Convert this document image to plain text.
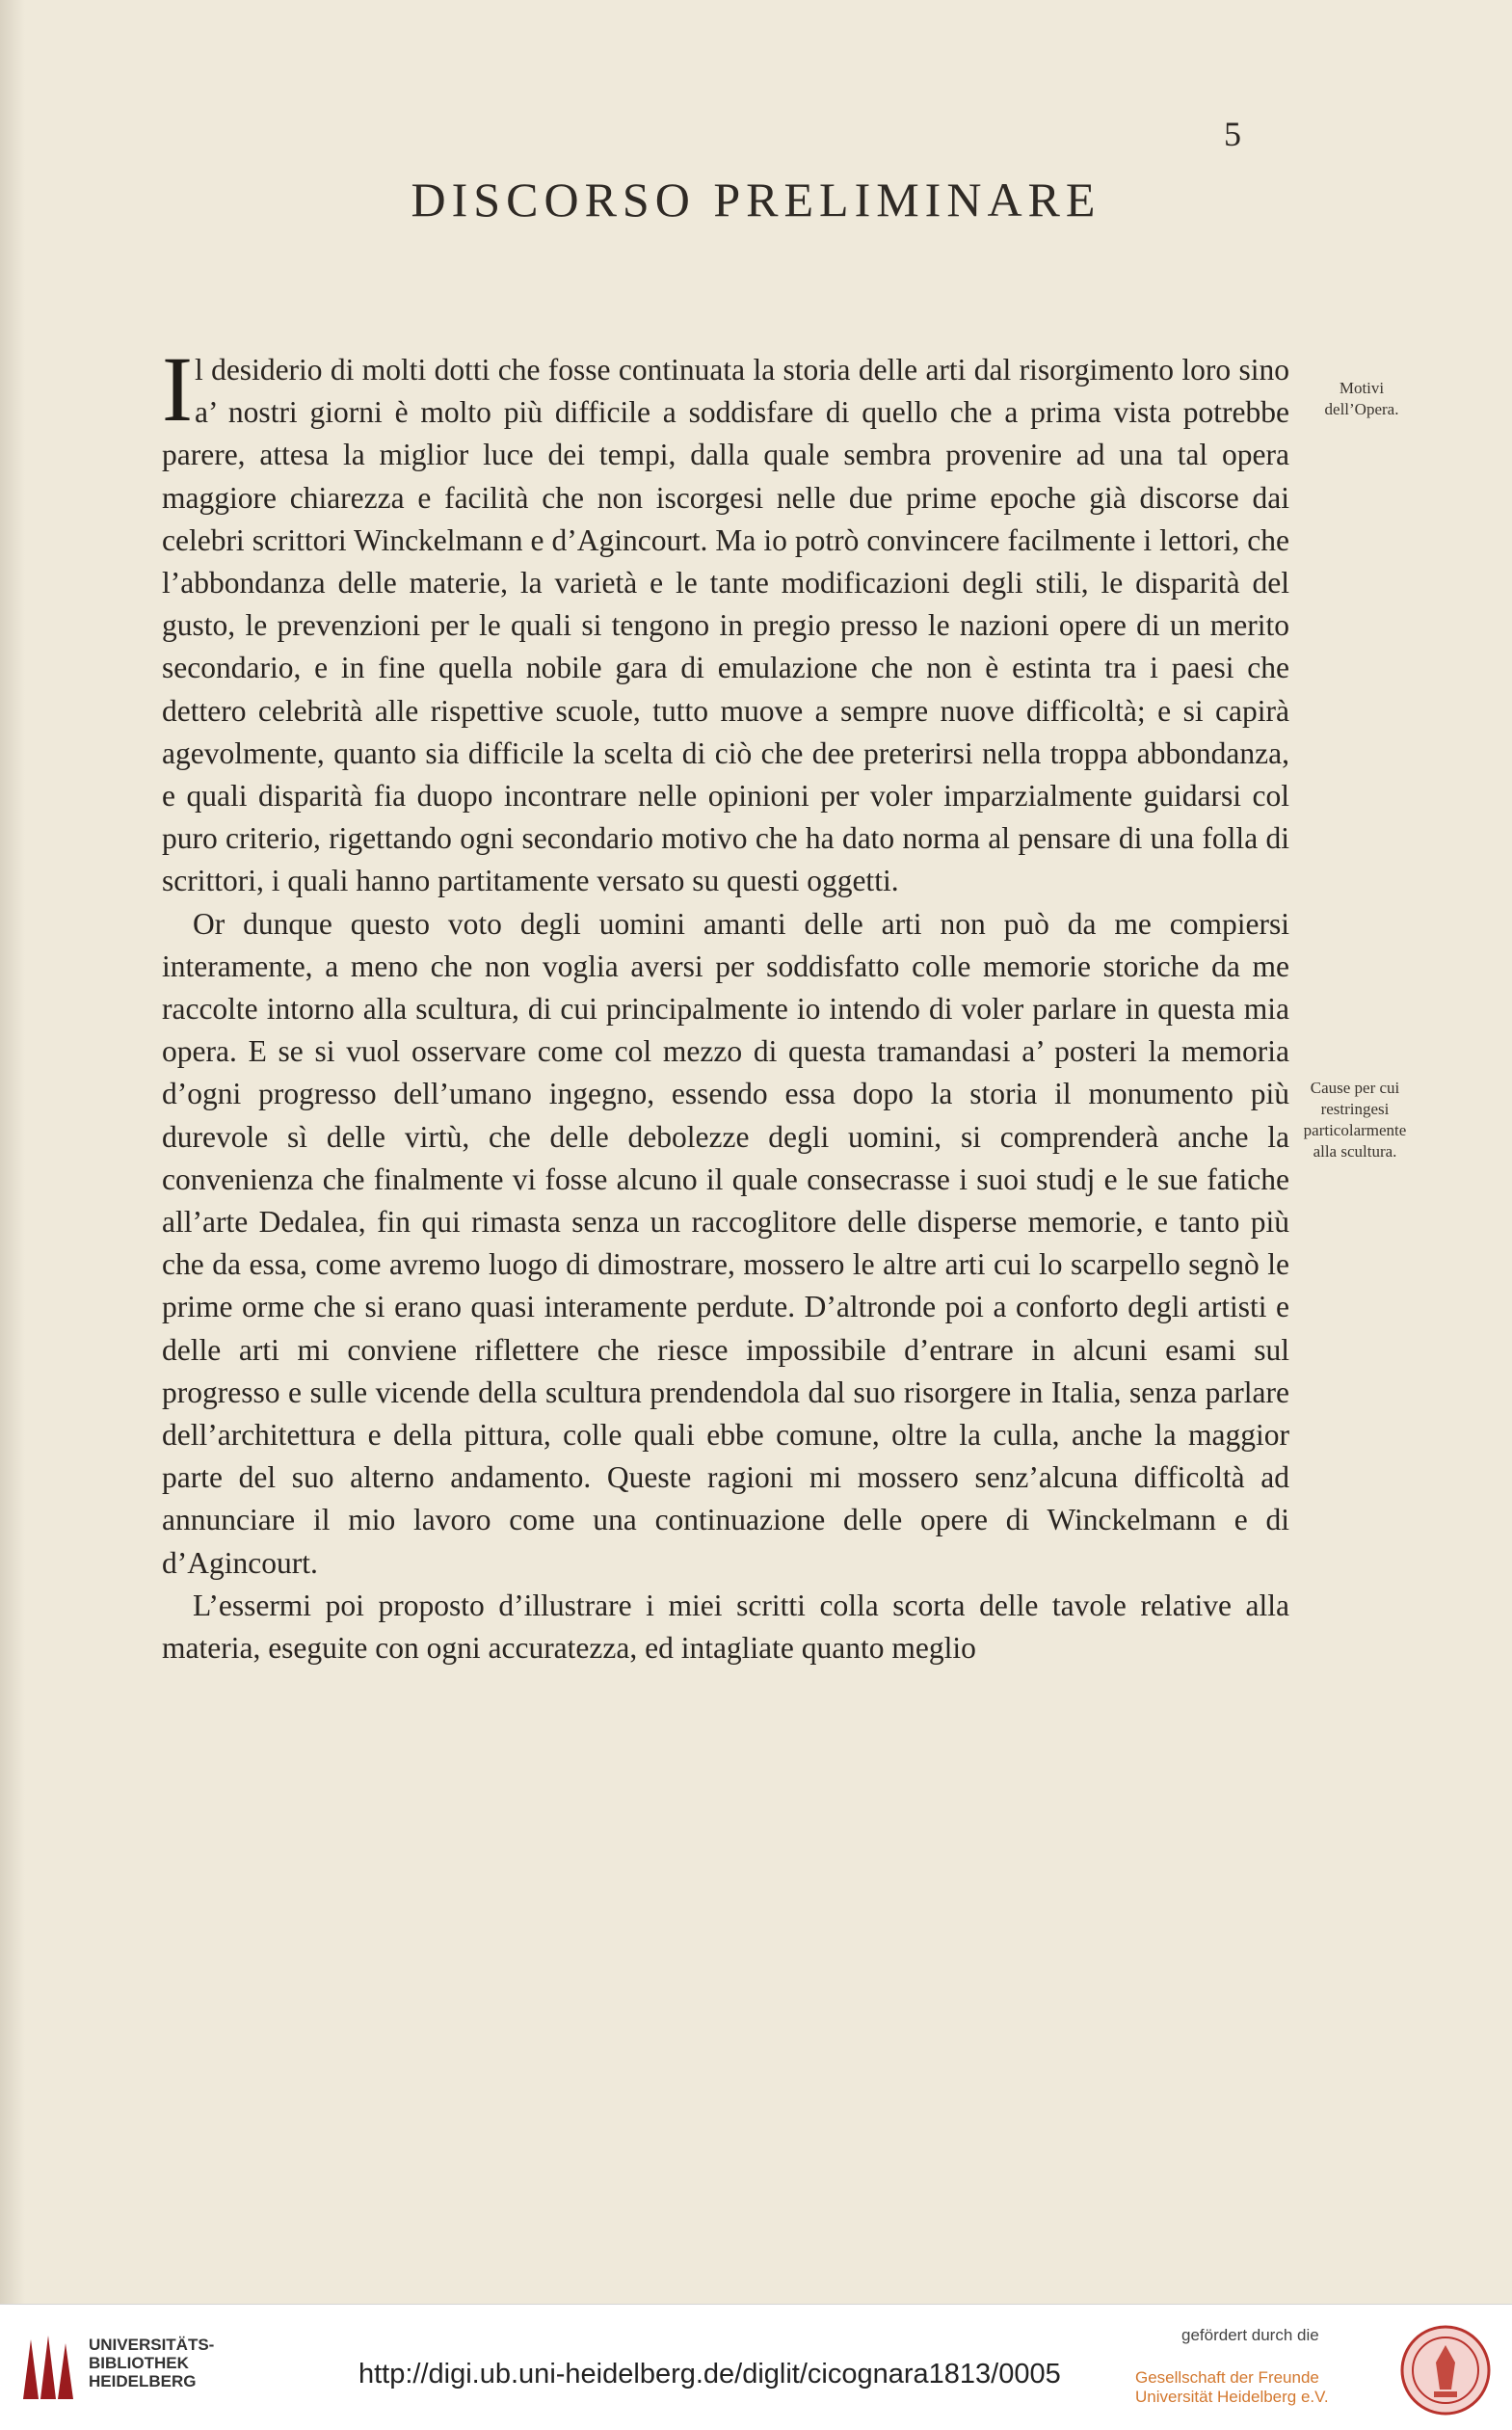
5
DISCORSO PRELIMINARE

Il desiderio di molti dotti che fosse continuata la storia delle arti dal risorgimento loro sino a’ nostri giorni è molto più difficile a soddisfare di quello che a prima vista potrebbe parere, attesa la miglior luce dei tempi, dalla quale sembra provenire ad una tal opera maggiore chiarezza e facilità che non iscorgesi nelle due prime epoche già discorse dai celebri scrittori Winckelmann e d’Agincourt. Ma io potrò convincere facilmente i lettori, che l’abbondanza delle materie, la varietà e le tante modificazioni degli stili, le disparità del gusto, le prevenzioni per le quali si tengono in pregio presso le nazioni opere di un merito secondario, e in fine quella nobile gara di emulazione che non è estinta tra i paesi che dettero celebrità alle rispettive scuole, tutto muove a sempre nuove difficoltà; e si capirà agevolmente, quanto sia difficile la scelta di ciò che dee preterirsi nella troppa abbondanza, e quali disparità fia duopo incontrare nelle opinioni per voler imparzialmente guidarsi col puro criterio, rigettando ogni secondario motivo che ha dato norma al pensare di una folla di scrittori, i quali hanno partitamente versato su questi oggetti.

Or dunque questo voto degli uomini amanti delle arti non può da me compiersi interamente, a meno che non voglia aversi per soddisfatto colle memorie storiche da me raccolte intorno alla scultura, di cui principalmente io intendo di voler parlare in questa mia opera. E se si vuol osservare come col mezzo di questa tramandasi a’ posteri la memoria d’ogni progresso dell’umano ingegno, essendo essa dopo la storia il monumento più durevole sì delle virtù, che delle debolezze degli uomini, si comprenderà anche la convenienza che finalmente vi fosse alcuno il quale consecrasse i suoi studj e le sue fatiche all’arte Dedalea, fin qui rimasta senza un raccoglitore delle disperse memorie, e tanto più che da essa, come avremo luogo di dimostrare, mossero le altre arti cui lo scarpello segnò le prime orme che si erano quasi interamente perdute. D’altronde poi a conforto degli artisti e delle arti mi conviene riflettere che riesce impossibile d’entrare in alcuni esami sul progresso e sulle vicende della scultura prendendola dal suo risorgere in Italia, senza parlare dell’architettura e della pittura, colle quali ebbe comune, oltre la culla, anche la maggior parte del suo alterno andamento. Queste ragioni mi mossero senz’alcuna difficoltà ad annunciare il mio lavoro come una continuazione delle opere di Winckelmann e di d’Agincourt.

L’essermi poi proposto d’illustrare i miei scritti colla scorta delle tavole relative alla materia, eseguite con ogni accuratezza, ed intagliate quanto meglio

Motivi dell’Opera.
Cause per cui restringesi particolarmente alla scultura.
UNIVERSITÄTS-
BIBLIOTHEK
HEIDELBERG	http://digi.ub.uni-heidelberg.de/diglit/cicognara1813/0005
gefördert durch die
Gesellschaft der Freunde
Universität Heidelberg e.V.
